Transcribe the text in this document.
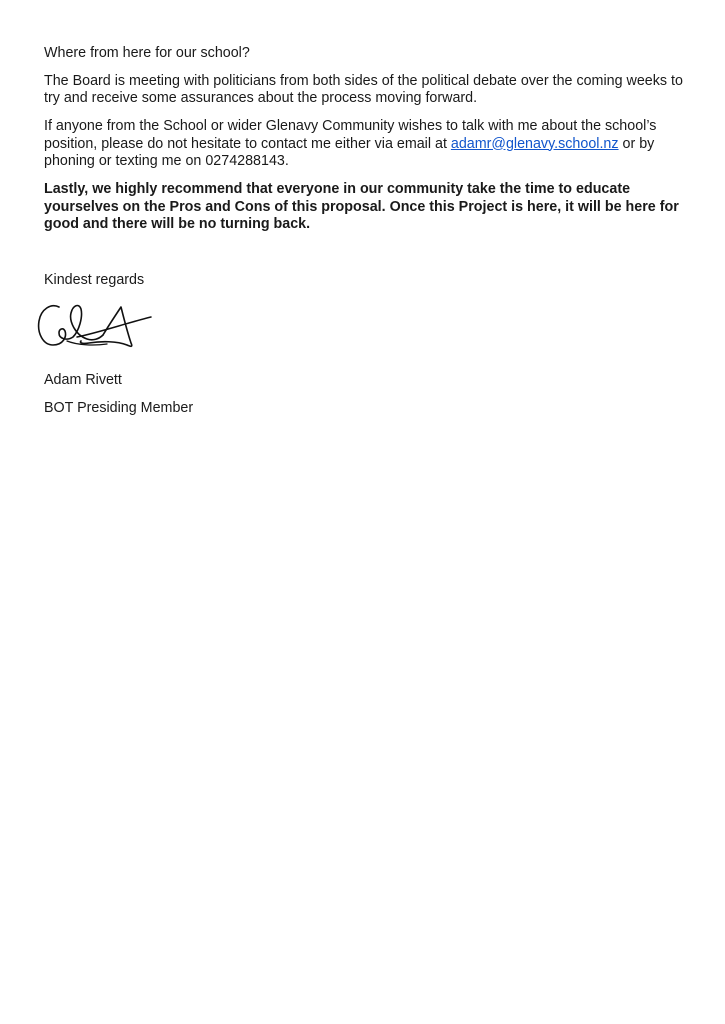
Where from here for our school?

The Board is meeting with politicians from both sides of the political debate over the coming weeks to try and receive some assurances about the process moving forward.

If anyone from the School or wider Glenavy Community wishes to talk with me about the school’s position, please do not hesitate to contact me either via email at adamr@glenavy.school.nz or by phoning or texting me on 0274288143.

Lastly, we highly recommend that everyone in our community take the time to educate yourselves on the Pros and Cons of this proposal. Once this Project is here, it will be here for good and there will be no turning back.

Kindest regards

Adam Rivett

BOT Presiding Member
